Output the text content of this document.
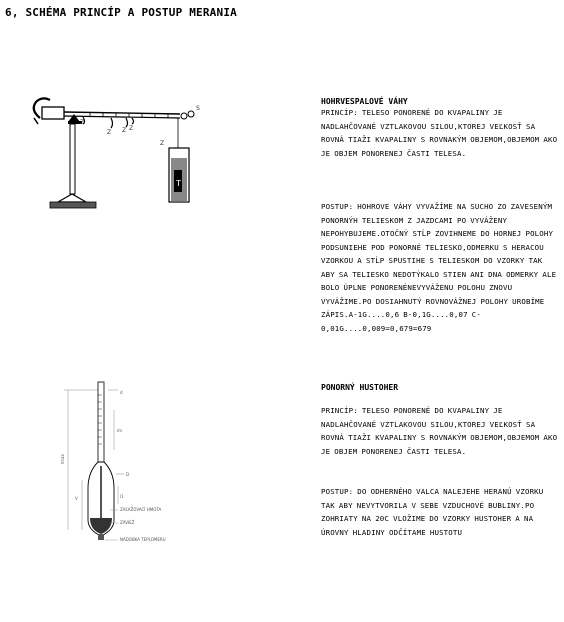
6, SCHÉMA PRINCÍP A POSTUP MERANIA
Z
Z Z Z
S
Z
T
HOHRVESPALOVÉ VÁHY
PRINCÍP: TELESO PONORENÉ DO KVAPALINY JE NADLAHČOVANÉ VZTLAKOVOU SILOU,KTOREJ VEĽKOSŤ SA ROVNÁ TIAŽI KVAPALINY S ROVNAKÝM OBJEMOM,OBJEMOM AKO JE OBJEM PONORENEJ ČASTI TELESA.
POSTUP: HOHROVE VÁHY VYVAŽÍME NA SUCHO ZO ZAVESENÝM PONORNÝH TELIESKOM Z JAZDCAMI PO VYVÁŽENY NEPOHYBUJEME.OTOČNÝ STĹP ZOVIHNEME DO HORNEJ POLOHY PODSUNIEHE POD PONORNÉ TELIESKO,ODMERKU S HERACOU VZORKOU A STĹP SPUSTIHE S TELIESKOM DO VZORKY TAK ABY SA TELIESKO NEDOTÝKALO STIEN ANI DNA ODMERKY ALE BOLO ÚPLNE PONORENÉNEVYVÁŽENU POLOHU ZNOVU VYVÁŽIME.PO DOSIAHNUTÝ ROVNOVÁŽNEJ POLOHY UROBÍME ZÁPIS.A-1G....0,6 B-0,1G....0,07 C-0,01G....0,009=0,679=679
lmax
V
d
lm
D
l1
ZAĽAŽOVACÍ HMOTA
ZÁVIEŽ
NÁDOBKA TEPLOMERU
PONORNÝ HUSTOHER
PRINCÍP: TELESO PONORENÉ DO KVAPALINY JE NADLAHČOVANÉ VZTLAKOVOU SILOU,KTOREJ VEĽKOSŤ SA ROVNÁ TIAŽI KVAPALINY S ROVNAKÝM OBJEMOM,OBJEMOM AKO JE OBJEM PONORENEJ ČASTI TELESA.
POSTUP: DO ODHERNÉHO VALCA NALEJEHE HERANÚ VZORKU TAK ABY NEVYTVORILA V SEBE VZDUCHOVÉ BUBLINY.PO ZOHRIATY NA 20C VLOŽIME DO VZORKY HUSTOHER A NA ÚROVNY HLADINY ODČÍTAME HUSTOTU
